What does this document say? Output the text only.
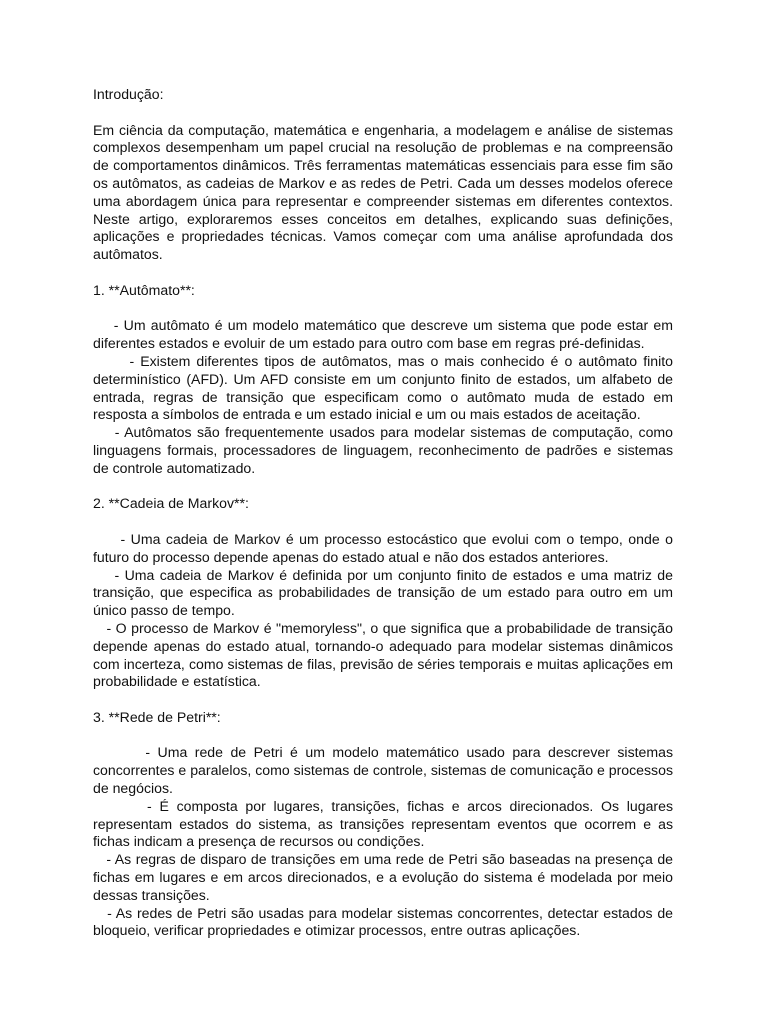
Introdução:

Em ciência da computação, matemática e engenharia, a modelagem e análise de sistemas complexos desempenham um papel crucial na resolução de problemas e na compreensão de comportamentos dinâmicos. Três ferramentas matemáticas essenciais para esse fim são os autômatos, as cadeias de Markov e as redes de Petri. Cada um desses modelos oferece uma abordagem única para representar e compreender sistemas em diferentes contextos. Neste artigo, exploraremos esses conceitos em detalhes, explicando suas definições, aplicações e propriedades técnicas. Vamos começar com uma análise aprofundada dos autômatos.

1. **Autômato**:

- Um autômato é um modelo matemático que descreve um sistema que pode estar em diferentes estados e evoluir de um estado para outro com base em regras pré-definidas.

- Existem diferentes tipos de autômatos, mas o mais conhecido é o autômato finito determinístico (AFD). Um AFD consiste em um conjunto finito de estados, um alfabeto de entrada, regras de transição que especificam como o autômato muda de estado em resposta a símbolos de entrada e um estado inicial e um ou mais estados de aceitação.

- Autômatos são frequentemente usados para modelar sistemas de computação, como linguagens formais, processadores de linguagem, reconhecimento de padrões e sistemas de controle automatizado.

2. **Cadeia de Markov**:

- Uma cadeia de Markov é um processo estocástico que evolui com o tempo, onde o futuro do processo depende apenas do estado atual e não dos estados anteriores.

- Uma cadeia de Markov é definida por um conjunto finito de estados e uma matriz de transição, que especifica as probabilidades de transição de um estado para outro em um único passo de tempo.

- O processo de Markov é "memoryless", o que significa que a probabilidade de transição depende apenas do estado atual, tornando-o adequado para modelar sistemas dinâmicos com incerteza, como sistemas de filas, previsão de séries temporais e muitas aplicações em probabilidade e estatística.

3. **Rede de Petri**:

- Uma rede de Petri é um modelo matemático usado para descrever sistemas concorrentes e paralelos, como sistemas de controle, sistemas de comunicação e processos de negócios.

- É composta por lugares, transições, fichas e arcos direcionados. Os lugares representam estados do sistema, as transições representam eventos que ocorrem e as fichas indicam a presença de recursos ou condições.

- As regras de disparo de transições em uma rede de Petri são baseadas na presença de fichas em lugares e em arcos direcionados, e a evolução do sistema é modelada por meio dessas transições.

- As redes de Petri são usadas para modelar sistemas concorrentes, detectar estados de bloqueio, verificar propriedades e otimizar processos, entre outras aplicações.
